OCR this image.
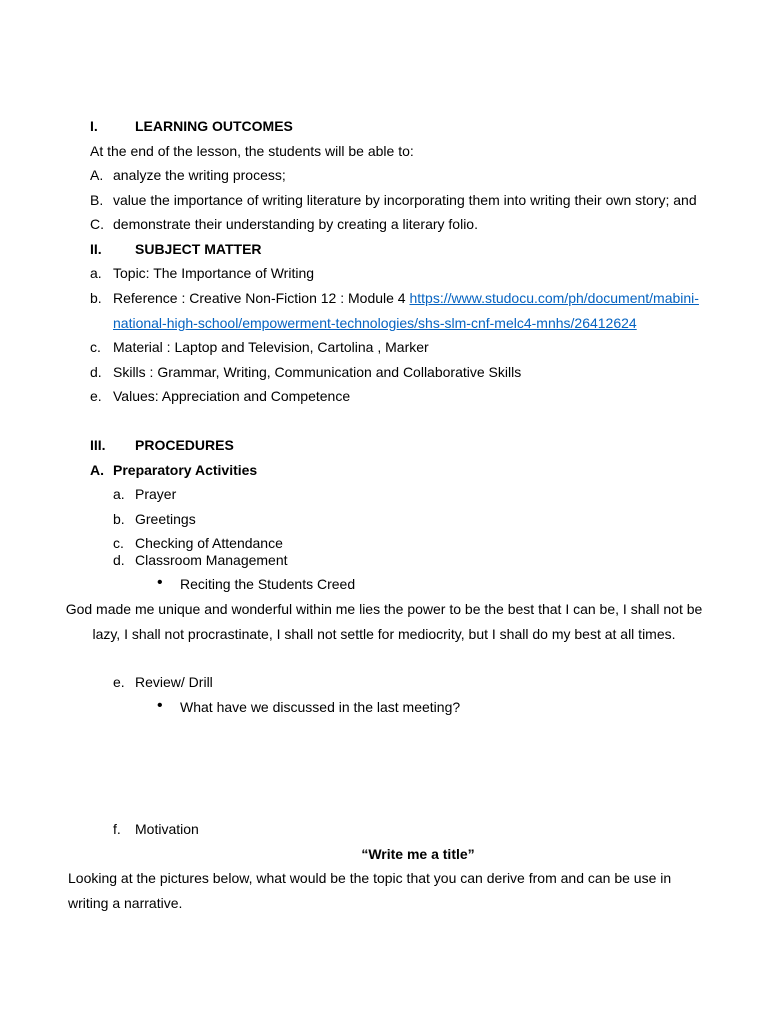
I.	LEARNING OUTCOMES
At the end of the lesson, the students will be able to:
A. analyze the writing process;
B. value the importance of writing literature by incorporating them into writing their own story; and
C. demonstrate their understanding by creating a literary folio.
II. SUBJECT MATTER
a. Topic: The Importance of Writing
b. Reference : Creative Non-Fiction 12 : Module 4 https://www.studocu.com/ph/document/mabini-
national-high-school/empowerment-technologies/shs-slm-cnf-melc4-mnhs/26412624
c. Material : Laptop and Television, Cartolina , Marker
d. Skills : Grammar, Writing, Communication and Collaborative Skills
e. Values: Appreciation and Competence
III. PROCEDURES
A. Preparatory Activities
a. Prayer
b. Greetings
c. Checking of Attendance
d. Classroom Management
• Reciting the Students Creed
God made me unique and wonderful within me lies the power to be the best that I can be, I shall not be
lazy, I shall not procrastinate, I shall not settle for mediocrity, but I shall do my best at all times.
e. Review/ Drill
• What have we discussed in the last meeting?
f. Motivation
“Write me a title”
Looking at the pictures below, what would be the topic that you can derive from and can be use in
writing a narrative.
